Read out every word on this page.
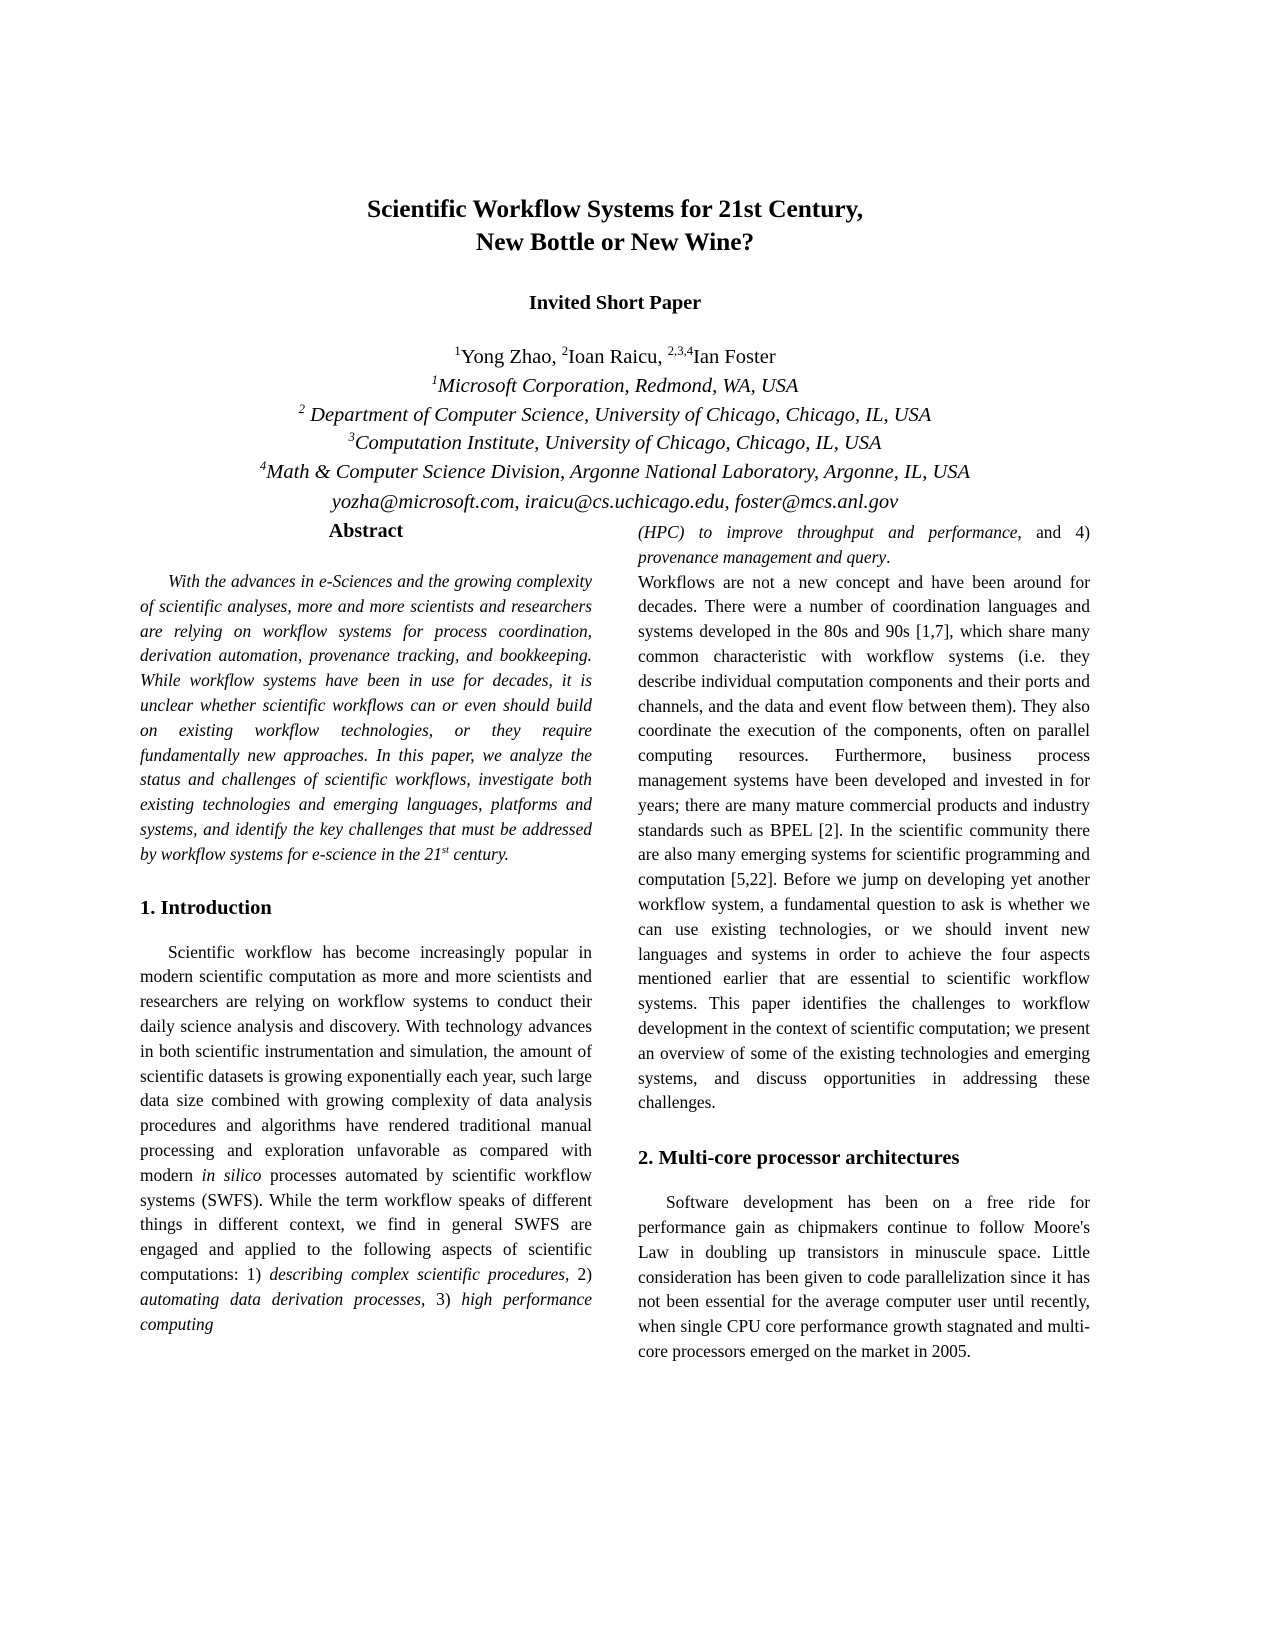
Scientific Workflow Systems for 21st Century,
New Bottle or New Wine?
Invited Short Paper
$^1$Yong Zhao, $^2$Ioan Raicu, $^{2,3,4}$Ian Foster
$^1$Microsoft Corporation, Redmond, WA, USA
$^2$ Department of Computer Science, University of Chicago, Chicago, IL, USA
$^3$Computation Institute, University of Chicago, Chicago, IL, USA
$^4$Math & Computer Science Division, Argonne National Laboratory, Argonne, IL, USA
yozha@microsoft.com, iraicu@cs.uchicago.edu, foster@mcs.anl.gov
Abstract

With the advances in e-Sciences and the growing complexity of scientific analyses, more and more scientists and researchers are relying on workflow systems for process coordination, derivation automation, provenance tracking, and bookkeeping. While workflow systems have been in use for decades, it is unclear whether scientific workflows can or even should build on existing workflow technologies, or they require fundamentally new approaches. In this paper, we analyze the status and challenges of scientific workflows, investigate both existing technologies and emerging languages, platforms and systems, and identify the key challenges that must be addressed by workflow systems for e-science in the 21st century.

1. Introduction

Scientific workflow has become increasingly popular in modern scientific computation as more and more scientists and researchers are relying on workflow systems to conduct their daily science analysis and discovery. With technology advances in both scientific instrumentation and simulation, the amount of scientific datasets is growing exponentially each year, such large data size combined with growing complexity of data analysis procedures and algorithms have rendered traditional manual processing and exploration unfavorable as compared with modern in silico processes automated by scientific workflow systems (SWFS). While the term workflow speaks of different things in different context, we find in general SWFS are engaged and applied to the following aspects of scientific computations: 1) describing complex scientific procedures, 2) automating data derivation processes, 3) high performance computing

(HPC) to improve throughput and performance, and 4) provenance management and query.

Workflows are not a new concept and have been around for decades. There were a number of coordination languages and systems developed in the 80s and 90s [1,7], which share many common characteristic with workflow systems (i.e. they describe individual computation components and their ports and channels, and the data and event flow between them). They also coordinate the execution of the components, often on parallel computing resources. Furthermore, business process management systems have been developed and invested in for years; there are many mature commercial products and industry standards such as BPEL [2]. In the scientific community there are also many emerging systems for scientific programming and computation [5,22]. Before we jump on developing yet another workflow system, a fundamental question to ask is whether we can use existing technologies, or we should invent new languages and systems in order to achieve the four aspects mentioned earlier that are essential to scientific workflow systems. This paper identifies the challenges to workflow development in the context of scientific computation; we present an overview of some of the existing technologies and emerging systems, and discuss opportunities in addressing these challenges.

2. Multi-core processor architectures

Software development has been on a free ride for performance gain as chipmakers continue to follow Moore's Law in doubling up transistors in minuscule space. Little consideration has been given to code parallelization since it has not been essential for the average computer user until recently, when single CPU core performance growth stagnated and multi-core processors emerged on the market in 2005.
